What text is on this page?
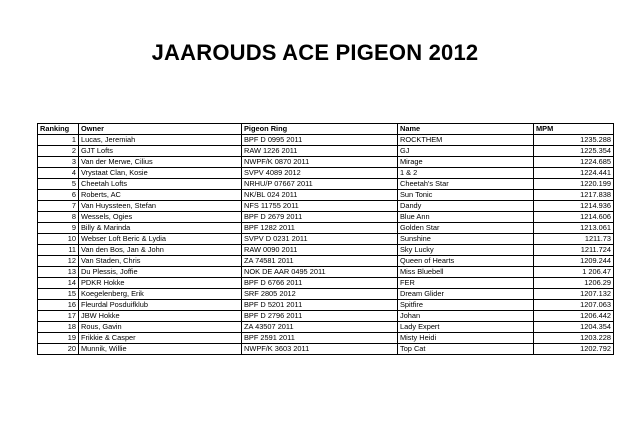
JAAROUDS ACE PIGEON 2012
Ranking	Owner	Pigeon Ring	Name	MPM
1	Lucas, Jeremiah	BPF D 0995 2011	ROCKTHEM	1235.288
2	GJT Lofts	RAW 1226 2011	GJ	1225.354
3	Van der Merwe, Cilius	NWPF/K 0870 2011	Mirage	1224.685
4	Vrystaat Clan, Kosie	SVPV 4089 2012	1 & 2	1224.441
5	Cheetah Lofts	NRHU/P 07667 2011	Cheetah's Star	1220.199
6	Roberts, AC	NK/BL 024 2011	Sun Tonic	1217.838
7	Van Huyssteen, Stefan	NFS 11755 2011	Dandy	1214.936
8	Wessels, Ogies	BPF D 2679 2011	Blue Ann	1214.606
9	Billy & Marinda	BPF 1282 2011	Golden Star	1213.061
10	Webser Loft Beric & Lydia	SVPV D 0231 2011	Sunshine	1211.73
11	Van den Bos, Jan & John	RAW 0090 2011	Sky Lucky	1211.724
12	Van Staden, Chris	ZA 74581 2011	Queen of Hearts	1209.244
13	Du Plessis, Joffie	NOK DE AAR 0495 2011	Miss Bluebell	1 206.47
14	PDKR Hokke	BPF D 6766 2011	FER	1206.29
15	Koegelenberg, Erik	SRF 2805 2012	Dream Glider	1207.132
16	Fleurdal Posduifklub	BPF D 5201 2011	Spitfire	1207.063
17	JBW Hokke	BPF D 2796 2011	Johan	1206.442
18	Rous, Gavin	ZA 43507 2011	Lady Expert	1204.354
19	Frikkie & Casper	BPF 2591 2011	Misty Heidi	1203.228
20	Munnik, Willie	NWPF/K 3603 2011	Top Cat	1202.792
